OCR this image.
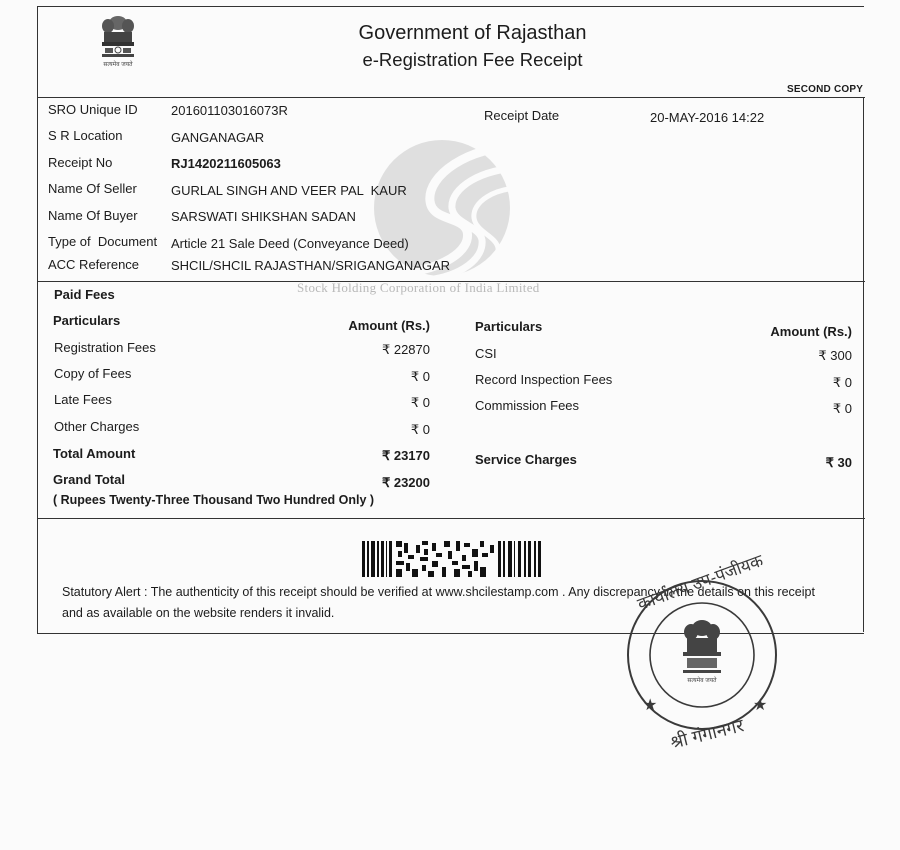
सत्यमेव जयते
Government of Rajasthan
e-Registration Fee Receipt
SECOND COPY
Stock Holding Corporation of India Limited
SRO Unique ID	201601103016073R
S R Location	GANGANAGAR
Receipt No	RJ1420211605063
Name Of Seller	GURLAL SINGH AND VEER PAL  KAUR
Name Of Buyer	SARSWATI SHIKSHAN SADAN
Type of  Document Article 21 Sale Deed (Conveyance Deed)
ACC Reference SHCIL/SHCIL RAJASTHAN/SRIGANGANAGAR
Receipt Date	20-MAY-2016 14:22
Paid Fees
Particulars	Amount (Rs.)
Registration Fees	₹ 22870
Copy of Fees	₹ 0
Late Fees	₹ 0
Other Charges	₹ 0
Total Amount	₹ 23170
Grand Total	₹ 23200
( Rupees Twenty-Three Thousand Two Hundred Only )
Particulars	Amount (Rs.)
CSI	₹ 300
Record Inspection Fees	₹ 0
Commission Fees	₹ 0
Service Charges	₹ 30
Statutory Alert : The authenticity of this receipt should be verified at www.shcilestamp.com . Any discrepancy in the details on this receipt
and as available on the website renders it invalid.
★	★
कार्यालय उप-पंजीयक
सत्यमेव जयते
श्री गंगानगर
